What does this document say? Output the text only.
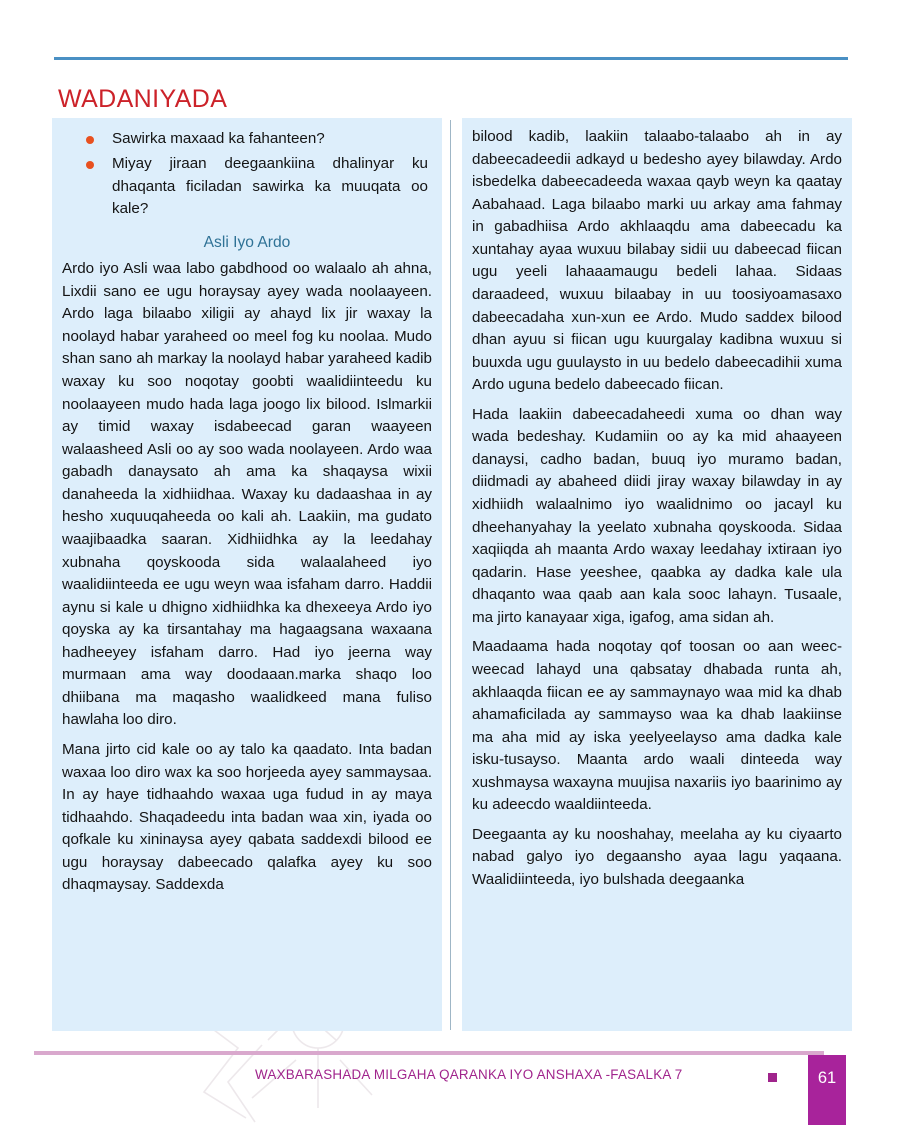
WADANIYADA
Sawirka maxaad ka fahanteen?
Miyay jiraan deegaankiina dhalinyar ku dhaqanta ficiladan sawirka ka muuqata oo kale?
Asli Iyo Ardo

Ardo iyo Asli waa labo gabdhood oo walaalo ah ahna, Lixdii sano ee ugu horaysay ayey wada noolaayeen. Ardo laga bilaabo xiligii ay ahayd lix jir waxay la noolayd habar yaraheed oo meel fog ku noolaa. Mudo shan sano ah markay la noolayd habar yaraheed kadib waxay ku soo noqotay goobti waalidiinteedu ku noolaayeen mudo hada laga joogo lix bilood. Islmarkii ay timid waxay isdabeecad garan waayeen walaasheed Asli oo ay soo wada noolayeen. Ardo waa gabadh danaysato ah ama ka shaqaysa wixii danaheeda la xidhiidhaa. Waxay ku dadaashaa in ay hesho xuquuqaheeda oo kali ah. Laakiin, ma gudato waajibaadka saaran. Xidhiidhka ay la leedahay xubnaha qoyskooda sida walaalaheed iyo waalidiinteeda ee ugu weyn waa isfaham darro. Haddii aynu si kale u dhigno xidhiidhka ka dhexeeya Ardo iyo qoyska ay ka tirsantahay ma hagaagsana waxaana hadheeyey isfaham darro. Had iyo jeerna way murmaan ama way doodaaan.marka shaqo loo dhiibana ma maqasho waalidkeed mana fuliso hawlaha loo diro.

Mana jirto cid kale oo ay talo ka qaadato. Inta badan waxaa loo diro wax ka soo horjeeda ayey sammaysaa. In ay haye tidhaahdo waxaa uga fudud in ay maya tidhaahdo. Shaqadeedu inta badan waa xin, iyada oo qofkale ku xininaysa ayey qabata saddexdi bilood ee ugu horaysay dabeecado qalafka ayey ku soo dhaqmaysay. Saddexda

bilood kadib, laakiin talaabo-talaabo ah in ay dabeecadeedii adkayd u bedesho ayey bilawday. Ardo isbedelka dabeecadeeda waxaa qayb weyn ka qaatay Aabahaad. Laga bilaabo marki uu arkay ama fahmay in gabadhiisa Ardo akhlaaqdu ama dabeecadu ka xuntahay ayaa wuxuu bilabay sidii uu dabeecad fiican ugu yeeli lahaaamaugu bedeli lahaa. Sidaas daraadeed, wuxuu bilaabay in uu toosiyoamasaxo dabeecadaha xun-xun ee Ardo. Mudo saddex bilood dhan ayuu si fiican ugu kuurgalay kadibna wuxuu si buuxda ugu guulaysto in uu bedelo dabeecadihii xuma Ardo uguna bedelo dabeecado fiican.

Hada laakiin dabeecadaheedi xuma oo dhan way wada bedeshay. Kudamiin oo ay ka mid ahaayeen danaysi, cadho badan, buuq iyo muramo badan, diidmadi ay abaheed diidi jiray waxay bilawday in ay xidhiidh walaalnimo iyo waalidnimo oo jacayl ku dheehanyahay la yeelato xubnaha qoyskooda. Sidaa xaqiiqda ah maanta Ardo waxay leedahay ixtiraan iyo qadarin. Hase yeeshee, qaabka ay dadka kale ula dhaqanto waa qaab aan kala sooc lahayn. Tusaale, ma jirto kanayaar xiga, igafog, ama sidan ah.

Maadaama hada noqotay qof toosan oo aan weec-weecad lahayd una qabsatay dhabada runta ah, akhlaaqda fiican ee ay sammaynayo waa mid ka dhab ahamaficilada ay sammayso waa ka dhab laakiinse ma aha mid ay iska yeelyeelayso ama dadka kale isku-tusayso. Maanta ardo waali dinteeda way xushmaysa waxayna muujisa naxariis iyo baarinimo ay ku adeecdo waaldiinteeda.

Deegaanta ay ku nooshahay, meelaha ay ku ciyaarto nabad galyo iyo degaansho ayaa lagu yaqaana. Waalidiinteeda, iyo bulshada deegaanka

WAXBARASHADA MILGAHA QARANKA IYO ANSHAXA -FASALKA 7	61
